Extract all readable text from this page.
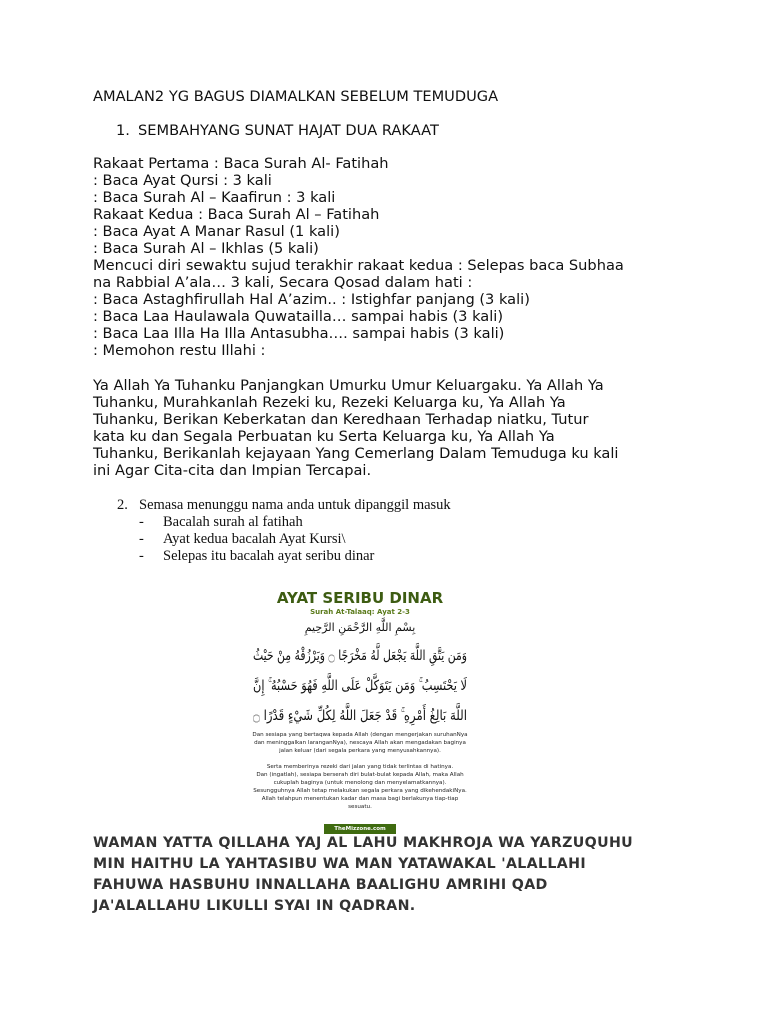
AMALAN2 YG BAGUS DIAMALKAN SEBELUM TEMUDUGA
1. SEMBAHYANG SUNAT HAJAT DUA RAKAAT
Rakaat Pertama : Baca Surah Al- Fatihah
: Baca Ayat Qursi : 3 kali
: Baca Surah Al – Kaafirun : 3 kali
Rakaat Kedua : Baca Surah Al – Fatihah
: Baca Ayat A Manar Rasul (1 kali)
: Baca Surah Al – Ikhlas (5 kali)
Mencuci diri sewaktu sujud terakhir rakaat kedua : Selepas baca Subhaa
na Rabbial A’ala… 3 kali, Secara Qosad dalam hati :
: Baca Astaghfirullah Hal A’azim.. : Istighfar panjang (3 kali)
: Baca Laa Haulawala Quwataillа… sampai habis (3 kali)
: Baca Laa Illa Ha Illa Antasubha…. sampai habis (3 kali)
: Memohon restu Illahi :
Ya Allah Ya Tuhanku Panjangkan Umurku Umur Keluargaku. Ya Allah Ya
Tuhanku, Murahkanlah Rezeki ku, Rezeki Keluarga ku, Ya Allah Ya
Tuhanku, Berikan Keberkatan dan Keredhaan Terhadap niatku, Tutur
kata ku dan Segala Perbuatan ku Serta Keluarga ku, Ya Allah Ya
Tuhanku, Berikanlah kejayaan Yang Cemerlang Dalam Temuduga ku kali
ini Agar Cita-cita dan Impian Tercapai.
2. Semasa menunggu nama anda untuk dipanggil masuk
- Bacalah surah al fatihah
- Ayat kedua bacalah Ayat Kursi\
- Selepas itu bacalah ayat seribu dinar
AYAT SERIBU DINAR
Surah At-Talaaq: Ayat 2-3
بِسْمِ اللَّهِ الرَّحْمَنِ الرَّحِيمِ
وَمَن يَتَّقِ اللَّهَ يَجْعَل لَّهُ مَخْرَجًا ۝ وَيَرْزُقْهُ مِنْ حَيْثُ
لَا يَحْتَسِبُ ۚ وَمَن يَتَوَكَّلْ عَلَى اللَّهِ فَهُوَ حَسْبُهُ ۚ إِنَّ
اللَّهَ بَالِغُ أَمْرِهِ ۚ قَدْ جَعَلَ اللَّهُ لِكُلِّ شَيْءٍ قَدْرًا ۝

Dan sesiapa yang bertaqwa kepada Allah (dengan mengerjakan suruhanNya

dan meninggalkan laranganNya), nescaya Allah akan mengadakan baginya

jalan keluar (dari segala perkara yang menyusahkannya).

Serta memberinya rezeki dari jalan yang tidak terlintas di hatinya.

Dan (ingatlah), sesiapa berserah diri bulat-bulat kepada Allah, maka Allah

cukuplah baginya (untuk menolong dan menyelamatkannya).

Sesungguhnya Allah tetap melakukan segala perkara yang dikehendakiNya.

Allah telahpun menentukan kadar dan masa bagi berlakunya tiap-tiap

sesuatu.

TheMizzone.com
WAMAN YATTA QILLAHA YAJ AL LAHU MAKHROJA WA YARZUQUHU
MIN HAITHU LA YAHTASIBU WA MAN YATAWAKAL 'ALALLAHI
FAHUWA HASBUHU INNALLAHA BAALIGHU AMRIHI QAD
JA'ALALLAHU LIKULLI SYAI IN QADRAN.
